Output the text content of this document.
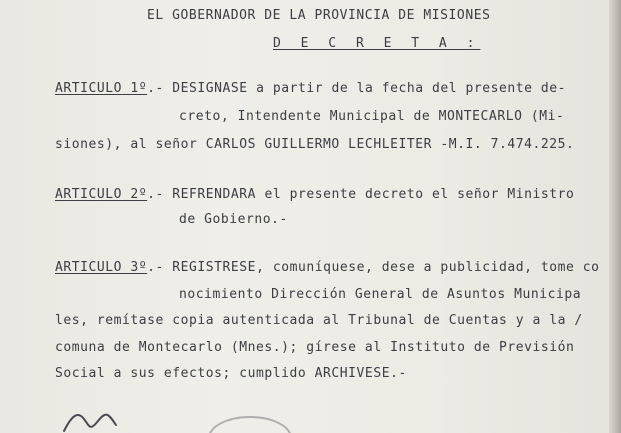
EL GOBERNADOR DE LA PROVINCIA DE MISIONES

D E C R E T A :

ARTICULO 1º.- DESIGNASE a partir de la fecha del presente de-

creto, Intendente Municipal de MONTECARLO (Mi-

siones), al señor CARLOS GUILLERMO LECHLEITER -M.I. 7.474.225.

ARTICULO 2º.- REFRENDARA el presente decreto el señor Ministro

de Gobierno.-

ARTICULO 3º.- REGISTRESE, comuníquese, dese a publicidad, tome co

nocimiento Dirección General de Asuntos Municipa

les, remítase copia autenticada al Tribunal de Cuentas y a la /

comuna de Montecarlo (Mnes.); gírese al Instituto de Previsión

Social a sus efectos; cumplido ARCHIVESE.-
